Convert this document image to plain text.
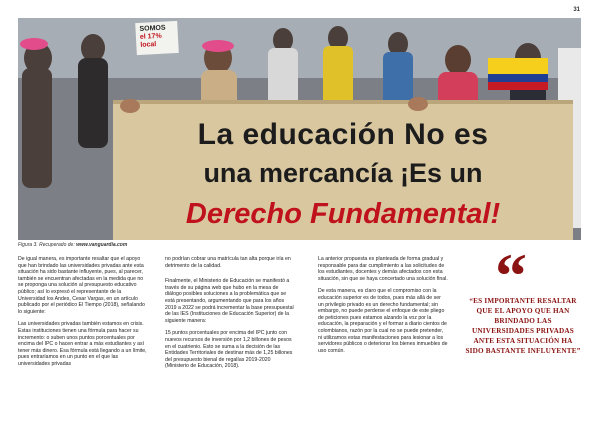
31
SOMOS
el 17%
local
La educación No es
una mercancía ¡Es un
Derecho Fundamental!
Figura 3. Recuperado de: www.vanguardia.com

De igual manera, es importante resaltar que el apoyo que han brindado las universidades privadas ante esta situación ha sido bastante influyente, pues, al parecer, también se encuentran afectadas en la medida que no se proponga una solución al presupuesto educativo público; así lo expresó el representante de la Universidad los Andes, Cesar Vargas, en un artículo publicado por el periódico El Tiempo (2018), señalando lo siguiente:

Las universidades privadas también estamos en crisis. Estas instituciones tienen una fórmula para hacer su incremento: o suben unos puntos porcentuales por encima del IPC o hacen entrar a más estudiantes y así tener más dinero. Esa fórmula está llegando a un límite, pues entraríamos en un punto en el que las universidades privadas

no podrían cobrar una matrícula tan alta porque iría en detrimento de la calidad.

Finalmente, el Ministerio de Educación se manifestó a través de su página web que hubo en la mesa de diálogo posibles soluciones a la problemática que se está presentando, argumentando que para los años 2019 a 2022 se podrá incrementar la base presupuestal de las IES (Instituciones de Educación Superior) de la siguiente manera:

15 puntos porcentuales por encima del IPC junto con nuevos recursos de inversión por 1,2 billones de pesos en el cuatrienio. Esto se suma a la decisión de las Entidades Territoriales de destinar más de 1,25 billones del presupuesto bienal de regalías 2019-2020 (Ministerio de Educación, 2018).

La anterior propuesta es planteada de forma gradual y responsable para dar cumplimiento a las solicitudes de los estudiantes, docentes y demás afectados con esta situación, sin que se haya concertado una solución final.

De esta manera, es claro que el compromiso con la educación superior es de todos, pues más allá de ser un privilegio privado es un derecho fundamental; sin embargo, no puede perderse el enfoque de este pliego de peticiones pues estamos alzando la voz por la educación, la preparación y el formar a diario cientos de colombianos, razón por la cual no se puede pretender, ni utilizamos estas manifestaciones para lesionar a los servidores públicos o deteriorar los bienes inmuebles de uso común.

“
“ES IMPORTANTE RESALTAR QUE EL APOYO QUE HAN BRINDADO LAS UNIVERSIDADES PRIVADAS ANTE ESTA SITUACIÓN HA SIDO BASTANTE INFLUYENTE”
